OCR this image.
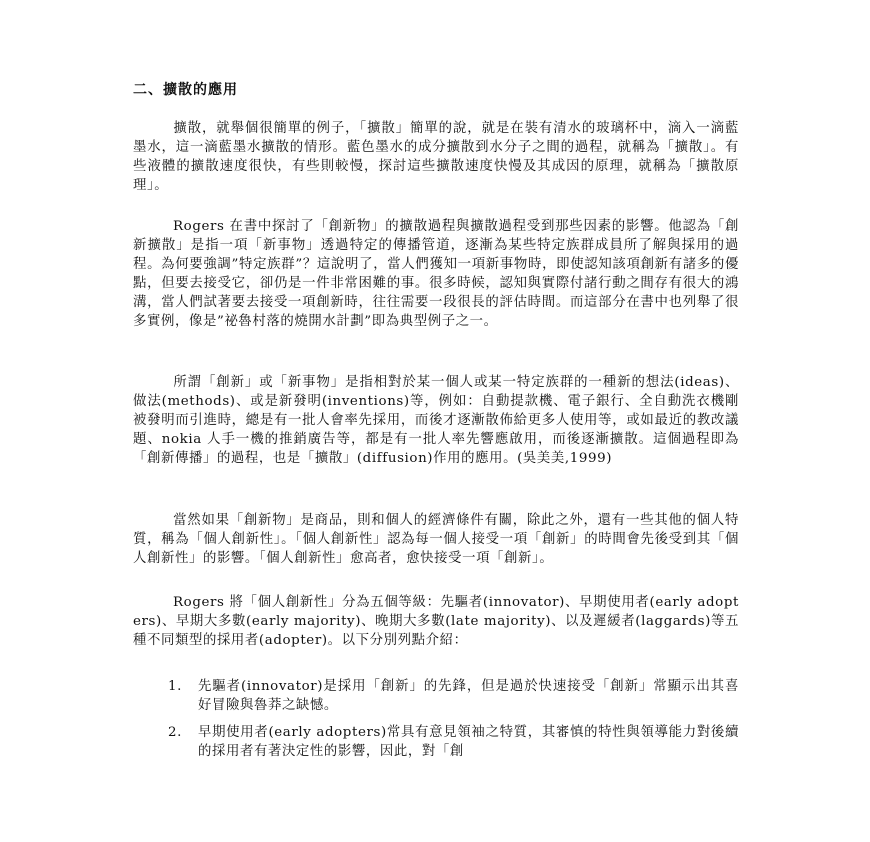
二、擴散的應用

擴散，就舉個很簡單的例子，「擴散」簡單的說，就是在裝有清水的玻璃杯中，滴入一滴藍墨水，這一滴藍墨水擴散的情形。藍色墨水的成分擴散到水分子之間的過程，就稱為「擴散」。有些液體的擴散速度很快，有些則較慢，探討這些擴散速度快慢及其成因的原理，就稱為「擴散原理」。

Rogers 在書中探討了「創新物」的擴散過程與擴散過程受到那些因素的影響。他認為「創新擴散」是指一項「新事物」透過特定的傳播管道，逐漸為某些特定族群成員所了解與採用的過程。為何要強調”特定族群”？這說明了，當人們獲知一項新事物時，即使認知該項創新有諸多的優點，但要去接受它，卻仍是一件非常困難的事。很多時候，認知與實際付諸行動之間存有很大的鴻溝，當人們試著要去接受一項創新時，往往需要一段很長的評估時間。而這部分在書中也列舉了很多實例，像是”祕魯村落的燒開水計劃”即為典型例子之一。

所謂「創新」或「新事物」是指相對於某一個人或某一特定族群的一種新的想法(ideas)、做法(methods)、或是新發明(inventions)等，例如：自動提款機、電子銀行、全自動洗衣機剛被發明而引進時，總是有一批人會率先採用，而後才逐漸散佈給更多人使用等，或如最近的教改議題、nokia 人手一機的推銷廣告等，都是有一批人率先響應啟用，而後逐漸擴散。這個過程即為「創新傳播」的過程，也是「擴散」(diffusion)作用的應用。(吳美美,1999)

當然如果「創新物」是商品，則和個人的經濟條件有關，除此之外，還有一些其他的個人特質，稱為「個人創新性」。「個人創新性」認為每一個人接受一項「創新」的時間會先後受到其「個人創新性」的影響。「個人創新性」愈高者，愈快接受一項「創新」。

Rogers 將「個人創新性」分為五個等級：先驅者(innovator)、早期使用者(early adopters)、早期大多數(early majority)、晚期大多數(late majority)、以及遲緩者(laggards)等五種不同類型的採用者(adopter)。以下分別列點介紹：

1.	先驅者(innovator)是採用「創新」的先鋒，但是過於快速接受「創新」常顯示出其喜好冒險與魯莽之缺憾。
2.	早期使用者(early adopters)常具有意見領袖之特質，其審慎的特性與領導能力對後續的採用者有著決定性的影響，因此，對「創
